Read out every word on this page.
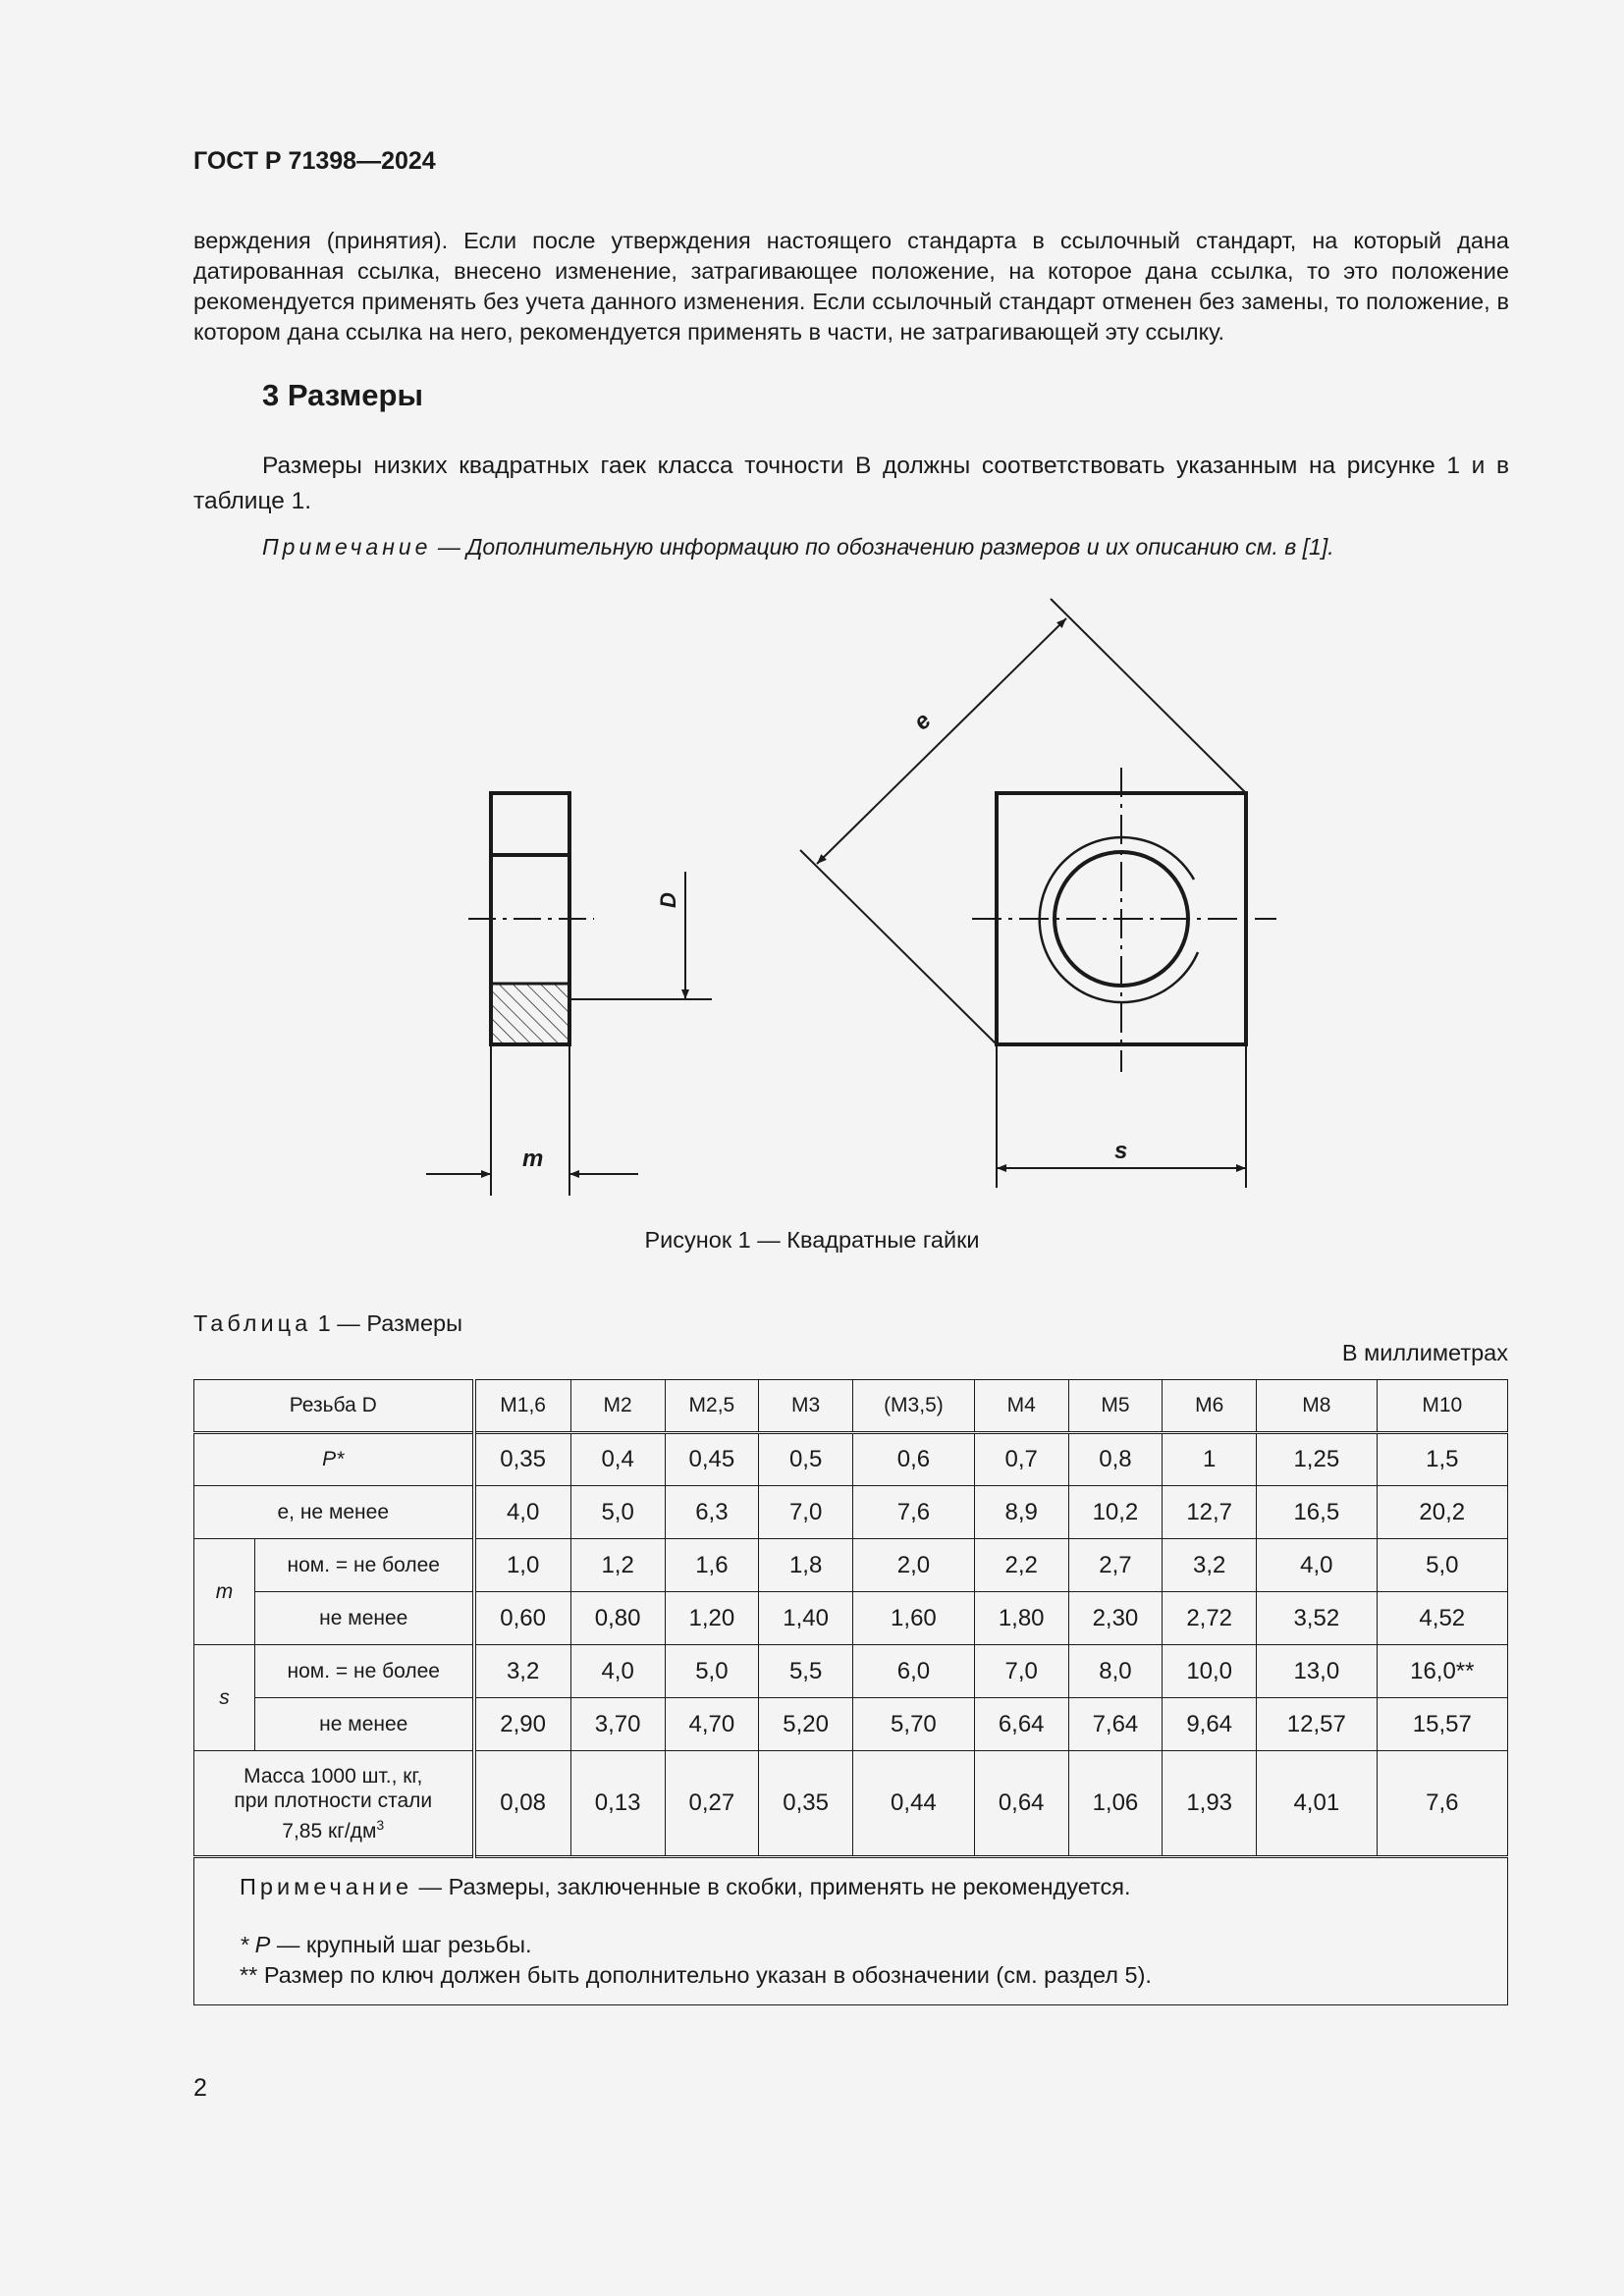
ГОСТ Р 71398—2024
верждения (принятия). Если после утверждения настоящего стандарта в ссылочный стандарт, на который дана датированная ссылка, внесено изменение, затрагивающее положение, на которое дана ссылка, то это положение рекомендуется применять без учета данного изменения. Если ссылочный стандарт отменен без замены, то положение, в котором дана ссылка на него, рекомендуется применять в части, не затрагивающей эту ссылку.
3 Размеры
Размеры низких квадратных гаек класса точности В должны соответствовать указанным на рисунке 1 и в таблице 1.
Примечание — Дополнительную информацию по обозначению размеров и их описанию см. в [1].
D
m
e
s
Рисунок 1 — Квадратные гайки
Таблица 1 — Размеры
В миллиметрах
Резьба D		M1,6	M2	M2,5	M3	(M3,5)	M4	M5	M6	M8	M10
P*		0,35	0,4	0,45	0,5	0,6	0,7	0,8	1	1,25	1,5
e, не менее		4,0	5,0	6,3	7,0	7,6	8,9	10,2	12,7	16,5	20,2
m	ном. = не более	1,0	1,2	1,6	1,8	2,0	2,2	2,7	3,2	4,0	5,0
	не менее	0,60	0,80	1,20	1,40	1,60	1,80	2,30	2,72	3,52	4,52
s	ном. = не более	3,2	4,0	5,0	5,5	6,0	7,0	8,0	10,0	13,0	16,0**
	не менее	2,90	3,70	4,70	5,20	5,70	6,64	7,64	9,64	12,57	15,57
Масса 1000 шт., кг,
при плотности стали
7,85 $кг/дм^3$		0,08	0,13	0,27	0,35	0,44	0,64	1,06	1,93	4,01	7,6

Примечание — Размеры, заключенные в скобки, применять не рекомендуется.
* P — крупный шаг резьбы.
** Размер по ключ должен быть дополнительно указан в обозначении (см. раздел 5).											
2
